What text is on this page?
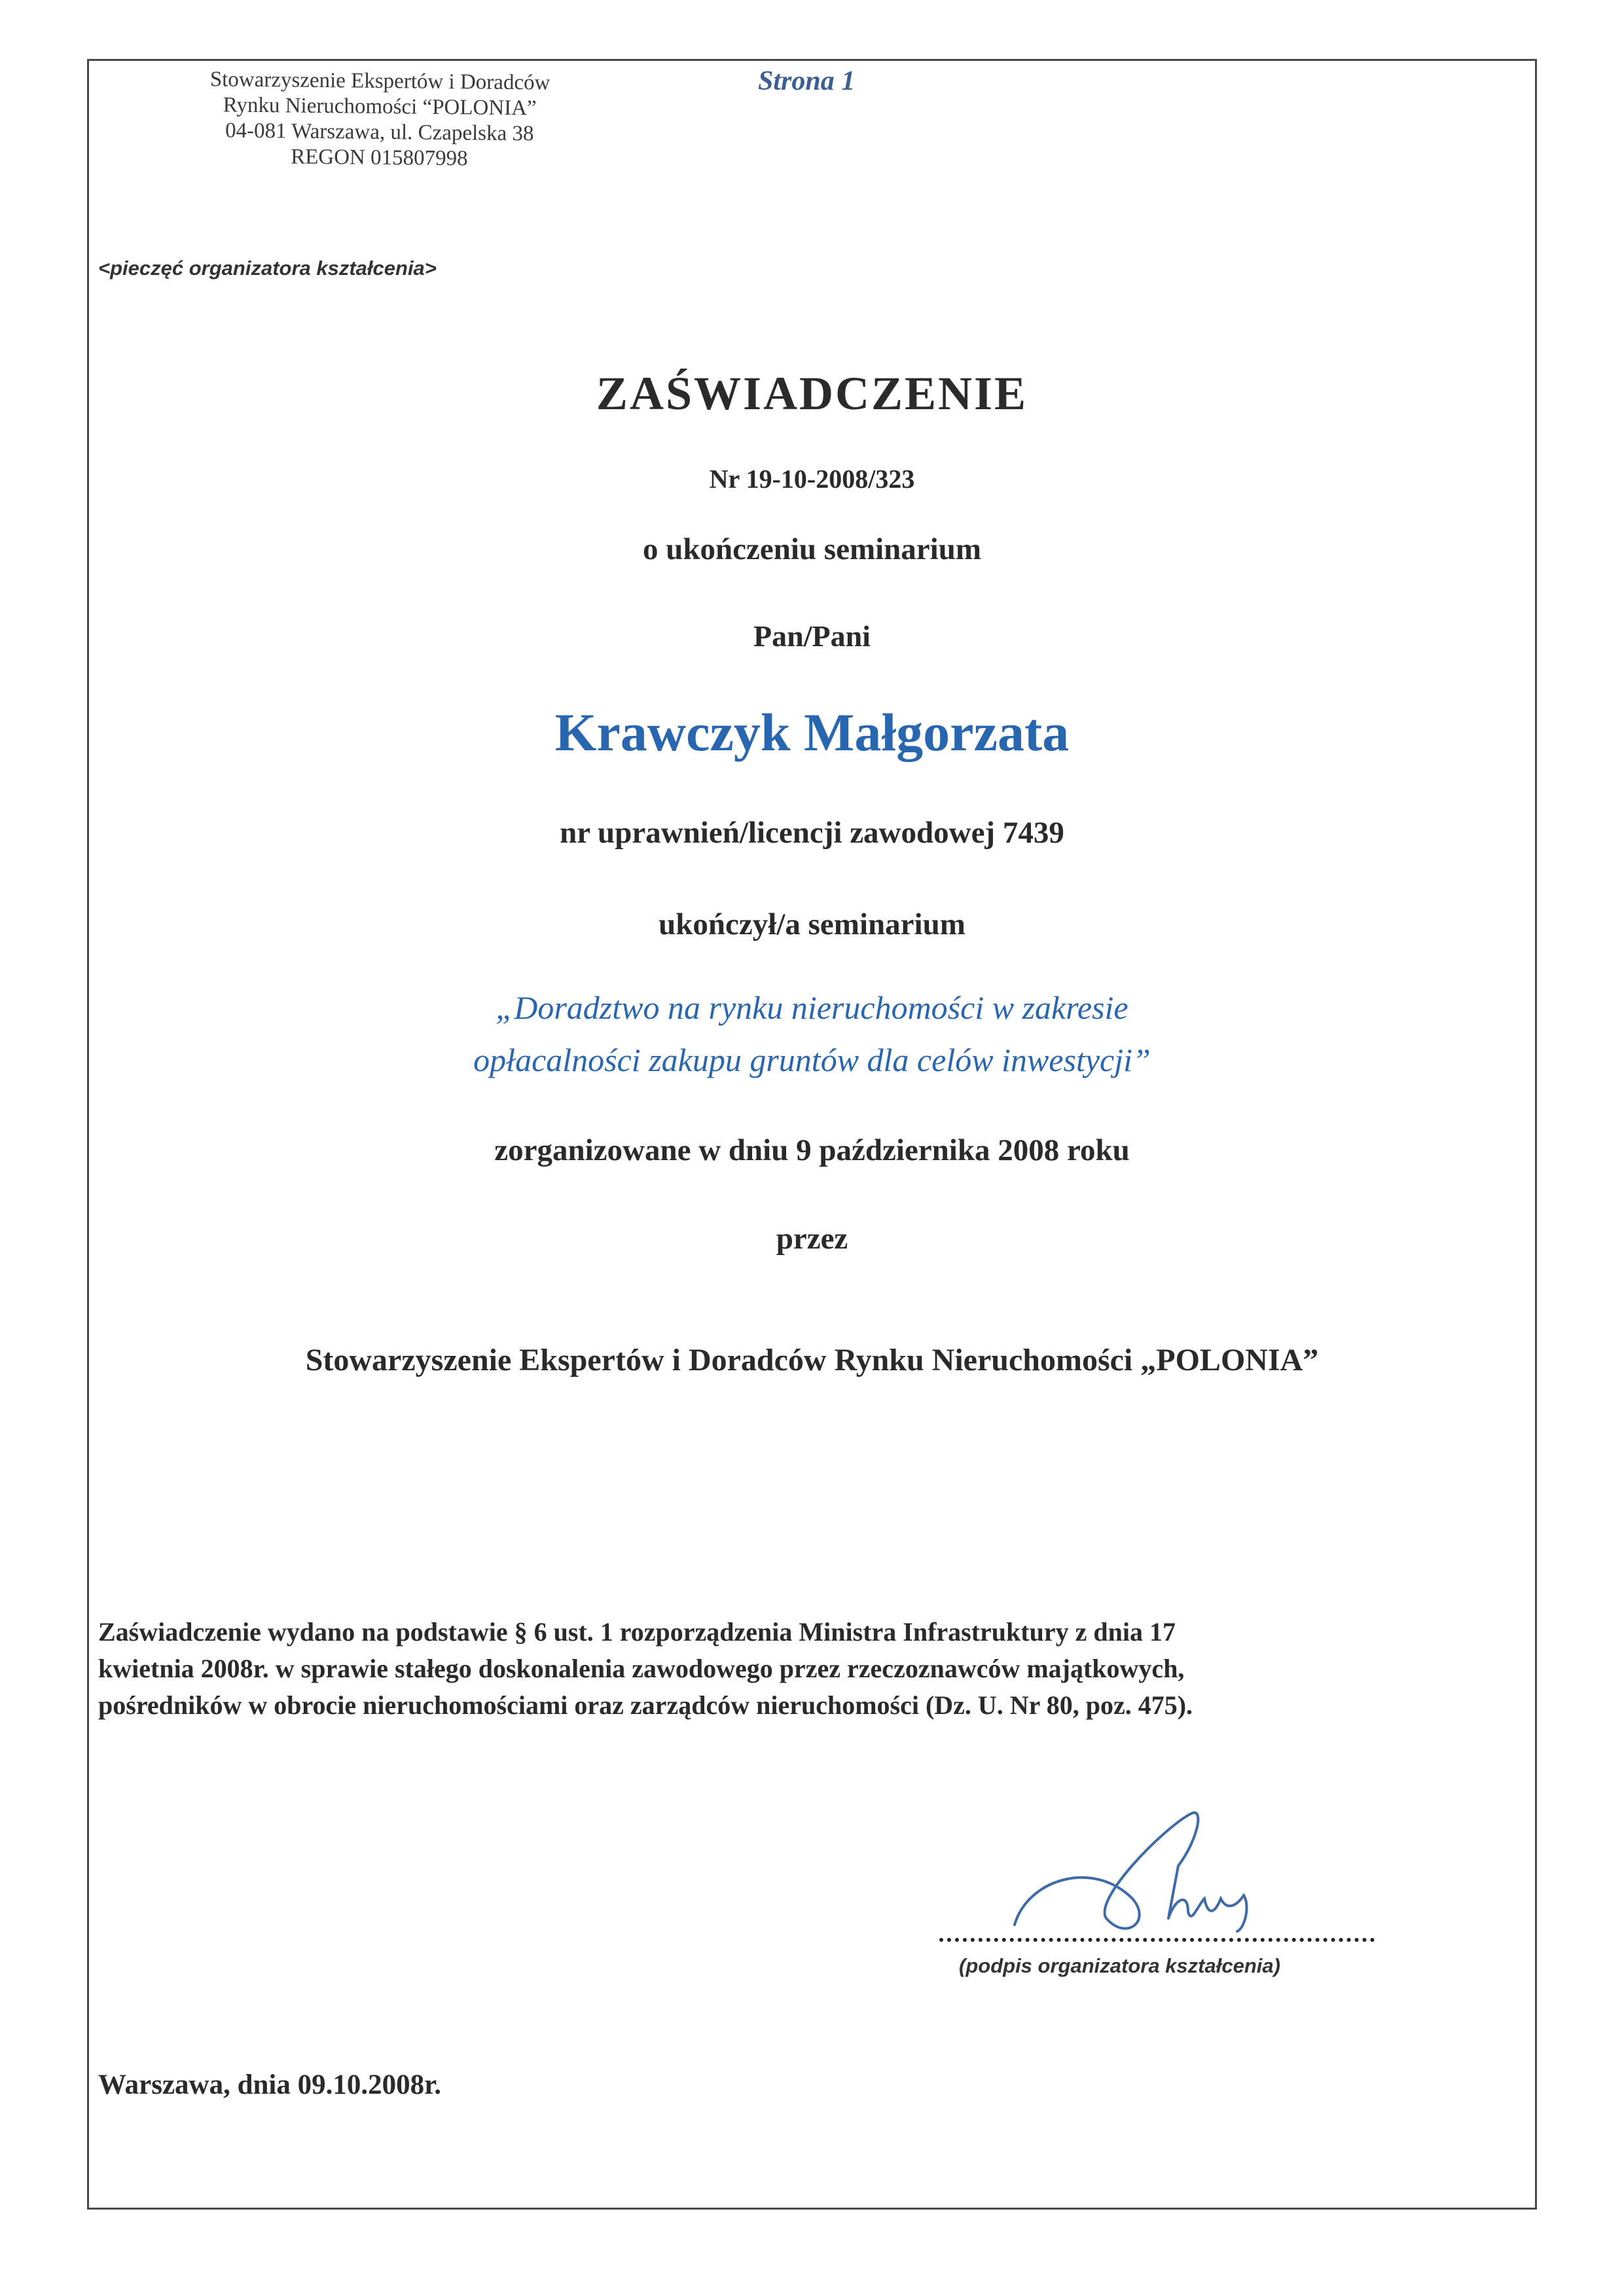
Stowarzyszenie Ekspertów i Doradców
Rynku Nieruchomości “POLONIA”
04-081 Warszawa, ul. Czapelska 38
REGON 015807998
Strona 1
<pieczęć organizatora kształcenia>
ZAŚWIADCZENIE
Nr 19-10-2008/323
o ukończeniu seminarium
Pan/Pani
Krawczyk Małgorzata
nr uprawnień/licencji zawodowej 7439
ukończył/a seminarium
„Doradztwo na rynku nieruchomości w zakresie
opłacalności zakupu gruntów dla celów inwestycji”
zorganizowane w dniu 9 października 2008 roku
przez
Stowarzyszenie Ekspertów i Doradców Rynku Nieruchomości „POLONIA”
Zaświadczenie wydano na podstawie § 6 ust. 1 rozporządzenia Ministra Infrastruktury z dnia 17
kwietnia 2008r. w sprawie stałego doskonalenia zawodowego przez rzeczoznawców majątkowych,
pośredników w obrocie nieruchomościami oraz zarządców nieruchomości (Dz. U. Nr 80, poz. 475).
(podpis organizatora kształcenia)
Warszawa, dnia 09.10.2008r.
